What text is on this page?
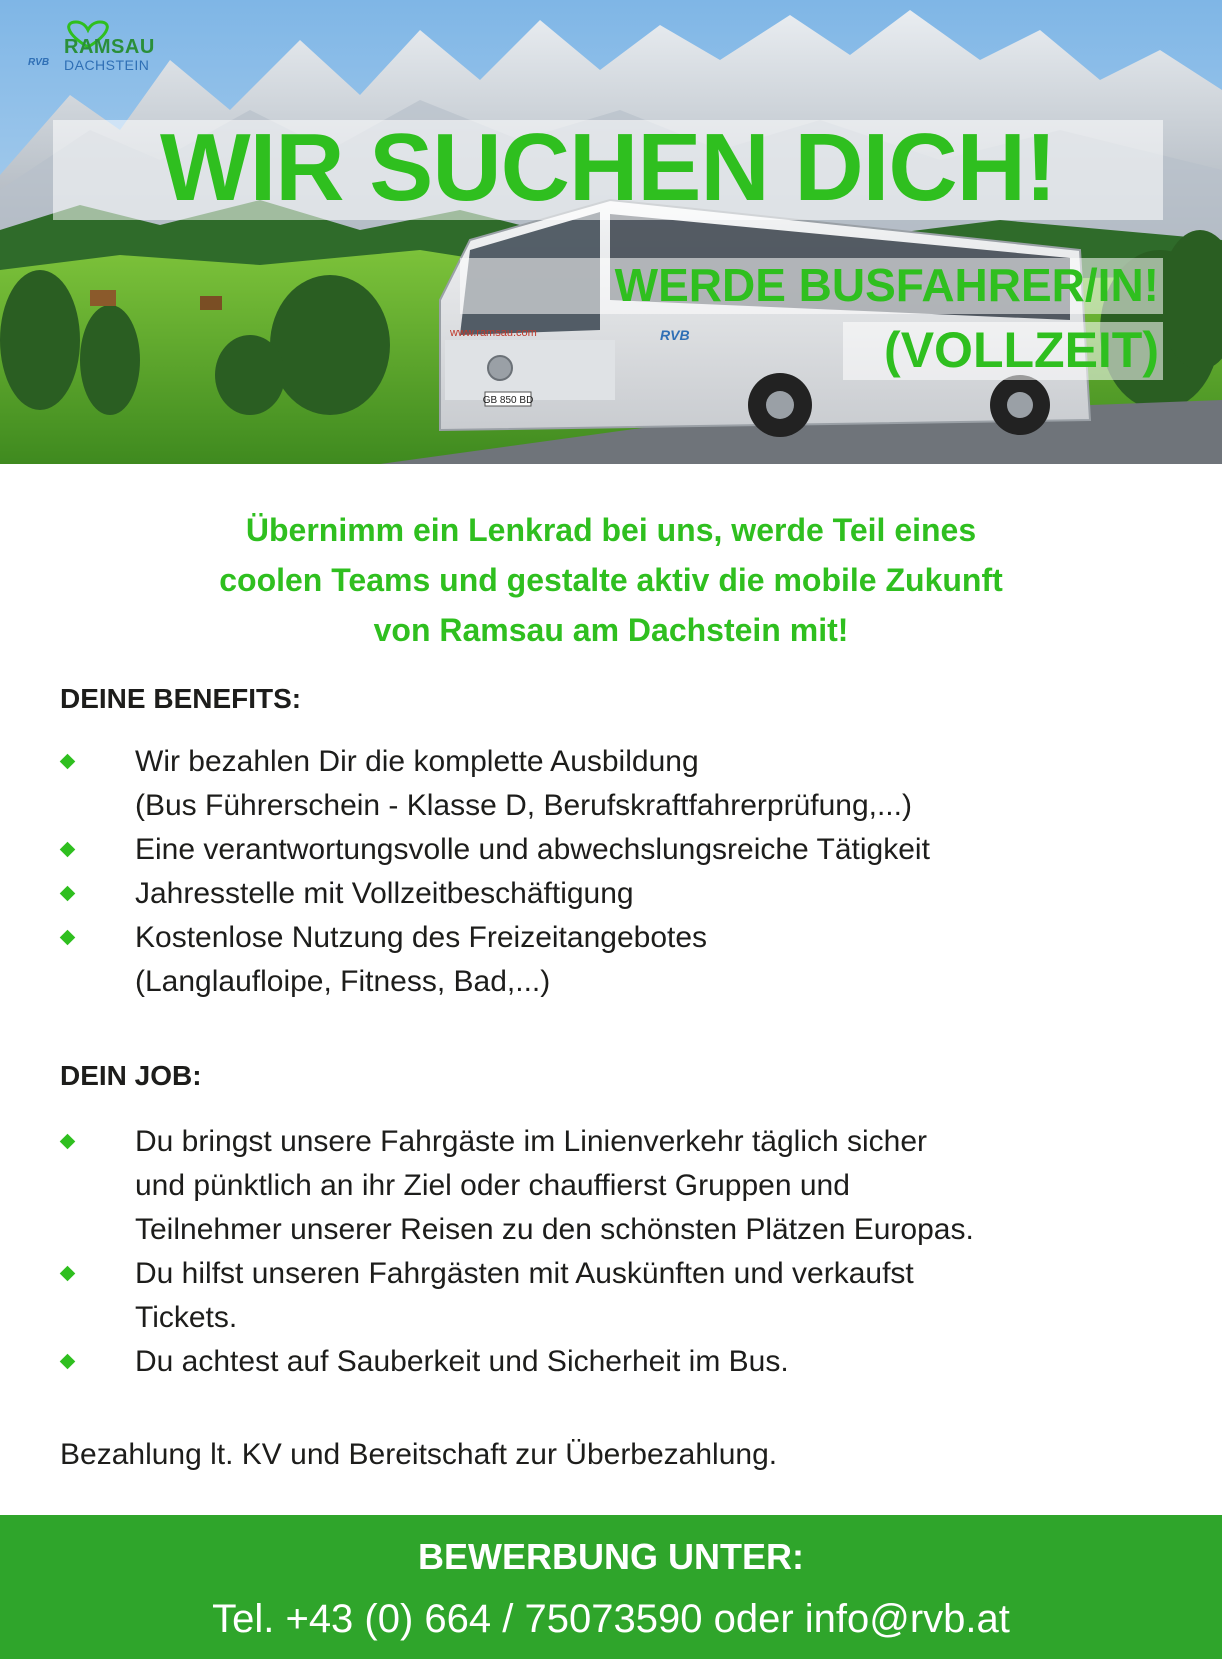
GB 850 BD
www.ramsau.com	RVB
RVB
RAMSAU
DACHSTEIN
WIR SUCHEN DICH!
WERDE BUSFAHRER/IN!
(VOLLZEIT)
Übernimm ein Lenkrad bei uns, werde Teil eines
coolen Teams und gestalte aktiv die mobile Zukunft
von Ramsau am Dachstein mit!
DEINE BENEFITS:
Wir bezahlen Dir die komplette Ausbildung
(Bus Führerschein - Klasse D, Berufskraftfahrerprüfung,...)
Eine verantwortungsvolle und abwechslungsreiche Tätigkeit
Jahresstelle mit Vollzeitbeschäftigung
Kostenlose Nutzung des Freizeitangebotes
(Langlaufloipe, Fitness, Bad,...)
DEIN JOB:
Du bringst unsere Fahrgäste im Linienverkehr täglich sicher
und pünktlich an ihr Ziel oder chauffierst Gruppen und
Teilnehmer unserer Reisen zu den schönsten Plätzen Europas.
Du hilfst unseren Fahrgästen mit Auskünften und verkaufst
Tickets.
Du achtest auf Sauberkeit und Sicherheit im Bus.
Bezahlung lt. KV und Bereitschaft zur Überbezahlung.
BEWERBUNG UNTER:
Tel. +43 (0) 664 / 75073590 oder info@rvb.at
